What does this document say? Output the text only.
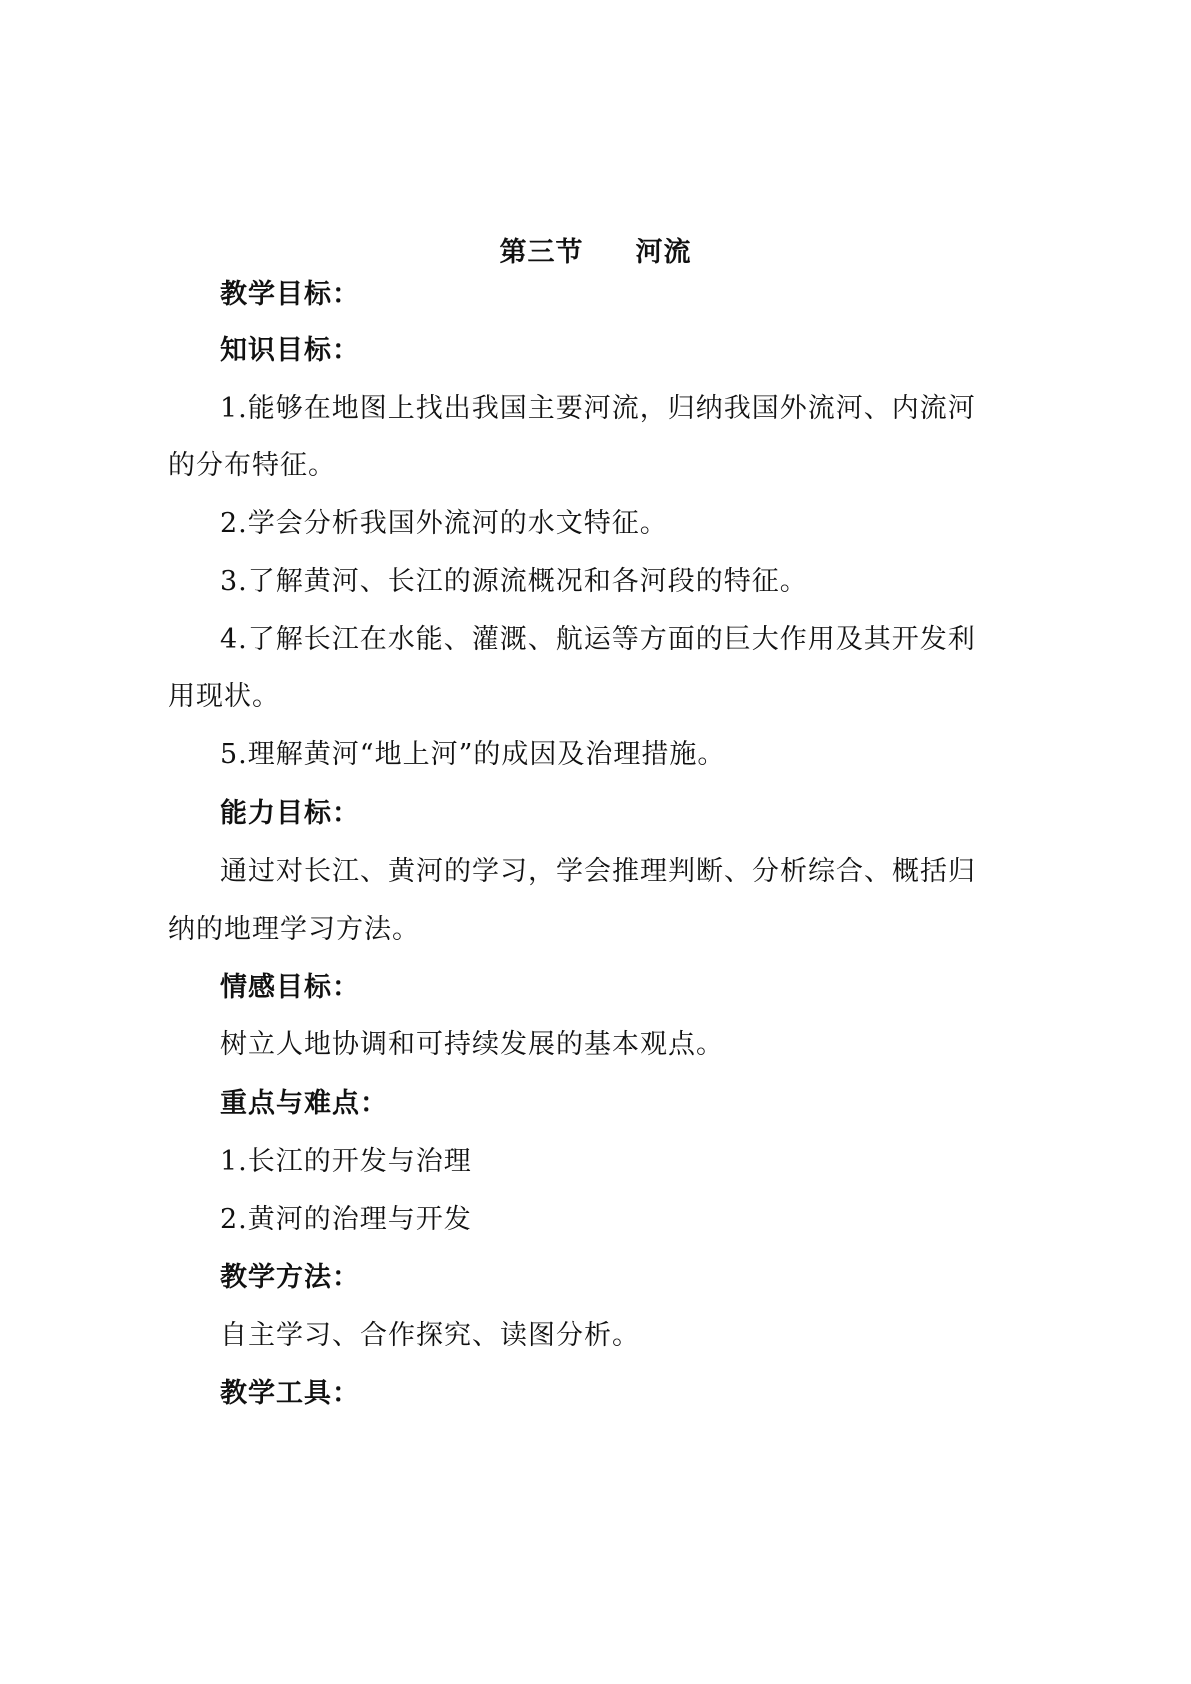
第三节     河流
教学目标：
知识目标：
1.能够在地图上找出我国主要河流，归纳我国外流河、内流河
的分布特征。
2.学会分析我国外流河的水文特征。
3.了解黄河、长江的源流概况和各河段的特征。
4.了解长江在水能、灌溉、航运等方面的巨大作用及其开发利
用现状。
5.理解黄河“地上河”的成因及治理措施。
能力目标：
通过对长江、黄河的学习，学会推理判断、分析综合、概括归
纳的地理学习方法。
情感目标：
树立人地协调和可持续发展的基本观点。
重点与难点：
1.长江的开发与治理
2.黄河的治理与开发
教学方法：
自主学习、合作探究、读图分析。
教学工具：
